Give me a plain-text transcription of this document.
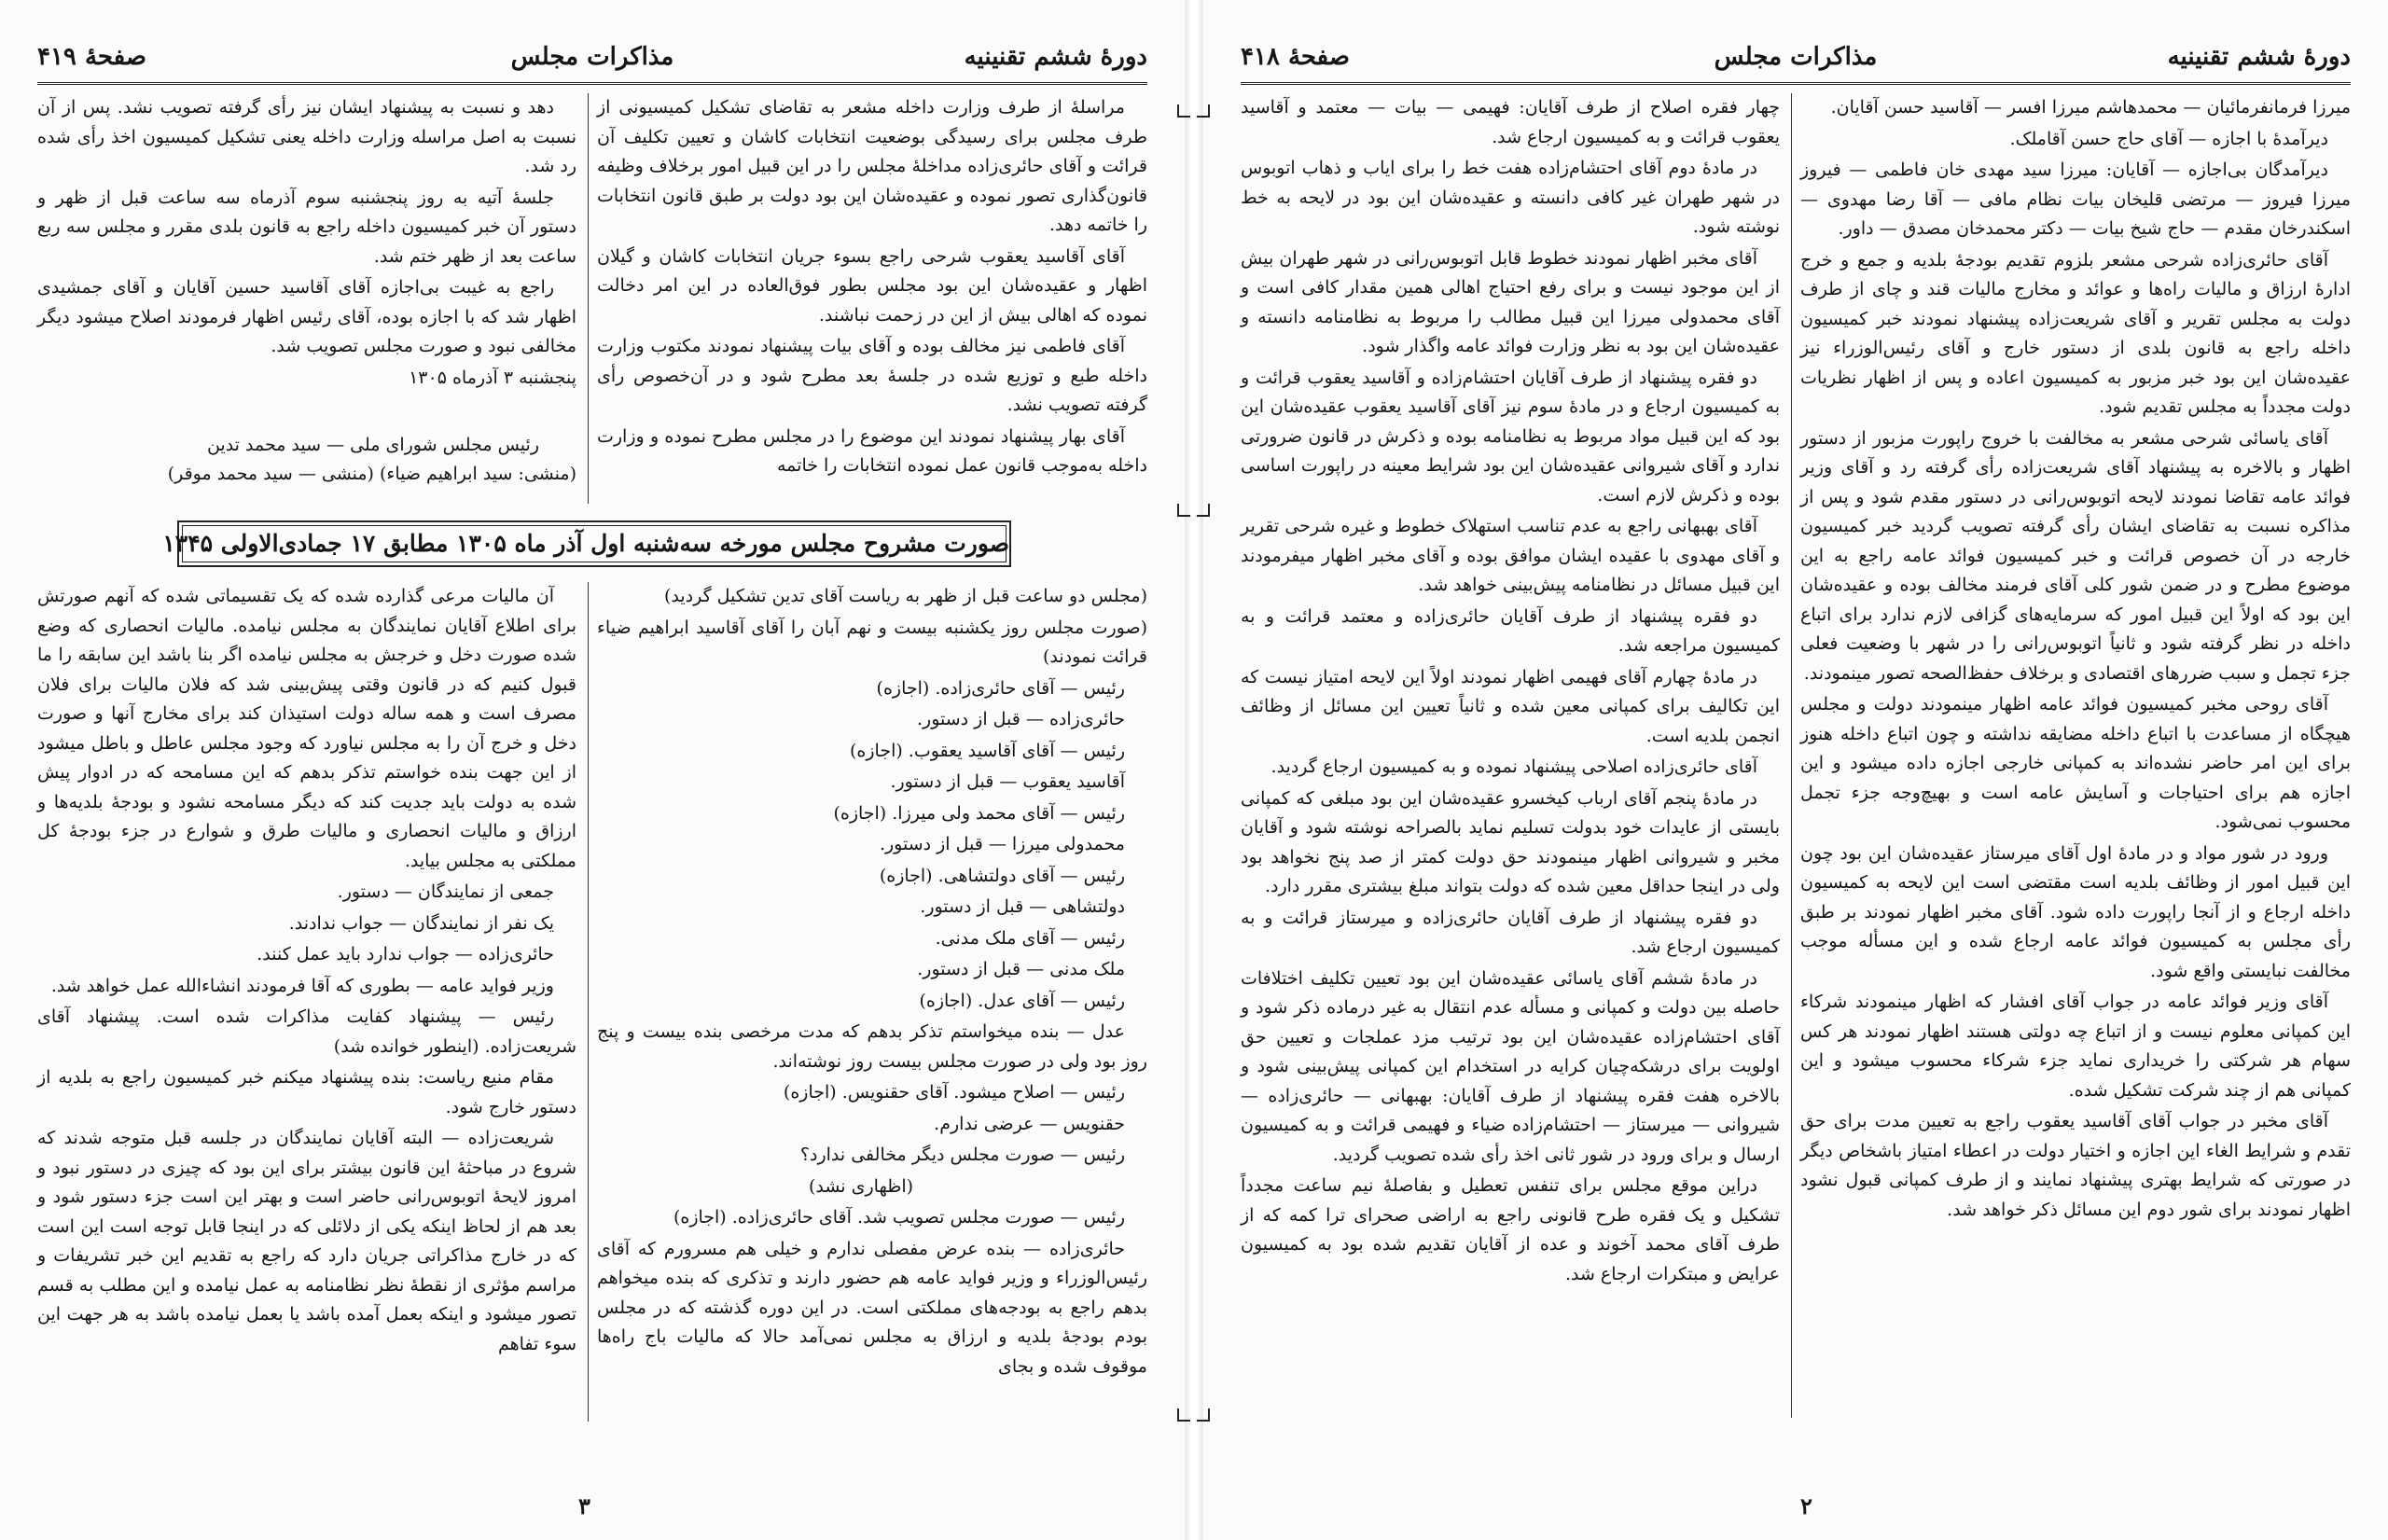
دورهٔ ششم تقنینیه
مذاکرات مجلس
صفحهٔ ۴۱۹

مراسلهٔ از طرف وزارت داخله مشعر به تقاضای تشکیل کمیسیونی از طرف مجلس برای رسیدگی بوضعیت انتخابات کاشان و تعیین تکلیف آن قرائت و آقای حائری‌زاده مداخلهٔ مجلس را در این قبیل امور برخلاف وظیفه قانون‌گذاری تصور نموده و عقیده‌شان این بود دولت بر طبق قانون انتخابات را خاتمه دهد.

آقای آقاسید یعقوب شرحی راجع بسوء جریان انتخابات کاشان و گیلان اظهار و عقیده‌شان این بود مجلس بطور فوق‌العاده در این امر دخالت نموده که اهالی بیش از این در زحمت نباشند.

آقای فاطمی نیز مخالف بوده و آقای بیات پیشنهاد نمودند مکتوب وزارت داخله طبع و توزیع شده در جلسهٔ بعد مطرح شود و در آن‌خصوص رأی گرفته تصویب نشد.

آقای بهار پیشنهاد نمودند این موضوع را در مجلس مطرح نموده و وزارت داخله به‌موجب قانون عمل نموده انتخابات را خاتمه

دهد و نسبت به پیشنهاد ایشان نیز رأی گرفته تصویب نشد. پس از آن نسبت به اصل مراسله وزارت داخله یعنی تشکیل کمیسیون اخذ رأی شده رد شد.

جلسهٔ آتیه به روز پنجشنبه سوم آذرماه سه ساعت قبل از ظهر و دستور آن خبر کمیسیون داخله راجع به قانون بلدی مقرر و مجلس سه ربع ساعت بعد از ظهر ختم شد.

راجع به غیبت بی‌اجازه آقای آقاسید حسین آقایان و آقای جمشیدی اظهار شد که با اجازه بوده، آقای رئیس اظهار فرمودند اصلاح میشود دیگر مخالفی نبود و صورت مجلس تصویب شد.

پنجشنبه ۳ آذرماه ۱۳۰۵

رئیس مجلس شورای ملی — سید محمد تدین

(منشی: سید ابراهیم ضیاء) (منشی — سید محمد موقر)

صورت مشروح مجلس مورخه سه‌شنبه اول آذر ماه ۱۳۰۵ مطابق ۱۷ جمادی‌الاولی ۱۳۴۵

(مجلس دو ساعت قبل از ظهر به ریاست آقای تدین تشکیل گردید)

(صورت مجلس روز یکشنبه بیست و نهم آبان را آقای آقاسید ابراهیم ضیاء قرائت نمودند)

رئیس — آقای حائری‌زاده. (اجازه)

حائری‌زاده — قبل از دستور.

رئیس — آقای آقاسید یعقوب. (اجازه)

آقاسید یعقوب — قبل از دستور.

رئیس — آقای محمد ولی میرزا. (اجازه)

محمدولی میرزا — قبل از دستور.

رئیس — آقای دولتشاهی. (اجازه)

دولتشاهی — قبل از دستور.

رئیس — آقای ملک مدنی.

ملک مدنی — قبل از دستور.

رئیس — آقای عدل. (اجازه)

عدل — بنده میخواستم تذکر بدهم که مدت مرخصی بنده بیست و پنج روز بود ولی در صورت مجلس بیست روز نوشته‌اند.

رئیس — اصلاح میشود. آقای حقنویس. (اجازه)

حقنویس — عرضی ندارم.

رئیس — صورت مجلس دیگر مخالفی ندارد؟

(اظهاری نشد)

رئیس — صورت مجلس تصویب شد. آقای حائری‌زاده. (اجازه)

حائری‌زاده — بنده عرض مفصلی ندارم و خیلی هم مسرورم که آقای رئیس‌الوزراء و وزیر فواید عامه هم حضور دارند و تذکری که بنده میخواهم بدهم راجع به بودجه‌های مملکتی است. در این دوره گذشته که در مجلس بودم بودجهٔ بلدیه و ارزاق به مجلس نمی‌آمد حالا که مالیات باج راه‌ها موقوف شده و بجای

آن مالیات مرعی گذارده شده که یک تقسیماتی شده که آنهم صورتش برای اطلاع آقایان نمایندگان به مجلس نیامده. مالیات انحصاری که وضع شده صورت دخل و خرجش به مجلس نیامده اگر بنا باشد این سابقه را ما قبول کنیم که در قانون وقتی پیش‌بینی شد که فلان مالیات برای فلان مصرف است و همه ساله دولت استیذان کند برای مخارج آنها و صورت دخل و خرج آن را به مجلس نیاورد که وجود مجلس عاطل و باطل میشود از این جهت بنده خواستم تذکر بدهم که این مسامحه که در ادوار پیش شده به دولت باید جدیت کند که دیگر مسامحه نشود و بودجهٔ بلدیه‌ها و ارزاق و مالیات انحصاری و مالیات طرق و شوارع در جزء بودجهٔ کل مملکتی به مجلس بیاید.

جمعی از نمایندگان — دستور.

یک نفر از نمایندگان — جواب ندادند.

حائری‌زاده — جواب ندارد باید عمل کنند.

وزیر فواید عامه — بطوری که آقا فرمودند انشاءالله عمل خواهد شد.

رئیس — پیشنهاد کفایت مذاکرات شده است. پیشنهاد آقای شریعت‌زاده. (اینطور خوانده شد)

مقام منیع ریاست: بنده پیشنهاد میکنم خبر کمیسیون راجع به بلدیه از دستور خارج شود.

شریعت‌زاده — البته آقایان نمایندگان در جلسه قبل متوجه شدند که شروع در مباحثهٔ این قانون بیشتر برای این بود که چیزی در دستور نبود و امروز لایحهٔ اتوبوس‌رانی حاضر است و بهتر این است جزء دستور شود و بعد هم از لحاظ اینکه یکی از دلائلی که در اینجا قابل توجه است این است که در خارج مذاکراتی جریان دارد که راجع به تقدیم این خبر تشریفات و مراسم مؤثری از نقطهٔ نظر نظامنامه به عمل نیامده و این مطلب به قسم تصور میشود و اینکه بعمل آمده باشد یا بعمل نیامده باشد به هر جهت این سوء تفاهم

۳
دورهٔ ششم تقنینیه
مذاکرات مجلس
صفحهٔ ۴۱۸

میرزا فرمانفرمائیان — محمدهاشم میرزا افسر — آقاسید حسن آقایان.

دیرآمدهٔ با اجازه — آقای حاج حسن آقاملک.

دیرآمدگان بی‌اجازه — آقایان: میرزا سید مهدی خان فاطمی — فیروز میرزا فیروز — مرتضی قلیخان بیات نظام مافی — آقا رضا مهدوی — اسکندرخان مقدم — حاج شیخ بیات — دکتر محمدخان مصدق — داور.

آقای حائری‌زاده شرحی مشعر بلزوم تقدیم بودجهٔ بلدیه و جمع و خرج ادارهٔ ارزاق و مالیات راه‌ها و عوائد و مخارج مالیات قند و چای از طرف دولت به مجلس تقریر و آقای شریعت‌زاده پیشنهاد نمودند خبر کمیسیون داخله راجع به قانون بلدی از دستور خارج و آقای رئیس‌الوزراء نیز عقیده‌شان این بود خبر مزبور به کمیسیون اعاده و پس از اظهار نظریات دولت مجدداً به مجلس تقدیم شود.

آقای یاسائی شرحی مشعر به مخالفت با خروج راپورت مزبور از دستور اظهار و بالاخره به پیشنهاد آقای شریعت‌زاده رأی گرفته رد و آقای وزیر فوائد عامه تقاضا نمودند لایحه اتوبوس‌رانی در دستور مقدم شود و پس از مذاکره نسبت به تقاضای ایشان رأی گرفته تصویب گردید خبر کمیسیون خارجه در آن خصوص قرائت و خبر کمیسیون فوائد عامه راجع به این موضوع مطرح و در ضمن شور کلی آقای فرمند مخالف بوده و عقیده‌شان این بود که اولاً این قبیل امور که سرمایه‌های گزافی لازم ندارد برای اتباع داخله در نظر گرفته شود و ثانیاً اتوبوس‌رانی را در شهر با وضعیت فعلی جزء تجمل و سبب ضررهای اقتصادی و برخلاف حفظ‌الصحه تصور مینمودند.

آقای روحی مخبر کمیسیون فوائد عامه اظهار مینمودند دولت و مجلس هیچگاه از مساعدت با اتباع داخله مضایقه نداشته و چون اتباع داخله هنوز برای این امر حاضر نشده‌اند به کمپانی خارجی اجازه داده میشود و این اجازه هم برای احتیاجات و آسایش عامه است و بهیچ‌وجه جزء تجمل محسوب نمی‌شود.

ورود در شور مواد و در مادهٔ اول آقای میرستاز عقیده‌شان این بود چون این قبیل امور از وظائف بلدیه است مقتضی است این لایحه به کمیسیون داخله ارجاع و از آنجا راپورت داده شود. آقای مخبر اظهار نمودند بر طبق رأی مجلس به کمیسیون فوائد عامه ارجاع شده و این مسأله موجب مخالفت نبایستی واقع شود.

آقای وزیر فوائد عامه در جواب آقای افشار که اظهار مینمودند شرکاء این کمپانی معلوم نیست و از اتباع چه دولتی هستند اظهار نمودند هر کس سهام هر شرکتی را خریداری نماید جزء شرکاء محسوب میشود و این کمپانی هم از چند شرکت تشکیل شده.

آقای مخبر در جواب آقای آقاسید یعقوب راجع به تعیین مدت برای حق تقدم و شرایط الغاء این اجازه و اختیار دولت در اعطاء امتیاز باشخاص دیگر در صورتی که شرایط بهتری پیشنهاد نمایند و از طرف کمپانی قبول نشود اظهار نمودند برای شور دوم این مسائل ذکر خواهد شد.

چهار فقره اصلاح از طرف آقایان: فهیمی — بیات — معتمد و آقاسید یعقوب قرائت و به کمیسیون ارجاع شد.

در مادهٔ دوم آقای احتشام‌زاده هفت خط را برای ایاب و ذهاب اتوبوس در شهر طهران غیر کافی دانسته و عقیده‌شان این بود در لایحه به خط نوشته شود.

آقای مخبر اظهار نمودند خطوط قابل اتوبوس‌رانی در شهر طهران بیش از این موجود نیست و برای رفع احتیاج اهالی همین مقدار کافی است و آقای محمدولی میرزا این قبیل مطالب را مربوط به نظامنامه دانسته و عقیده‌شان این بود به نظر وزارت فوائد عامه واگذار شود.

دو فقره پیشنهاد از طرف آقایان احتشام‌زاده و آقاسید یعقوب قرائت و به کمیسیون ارجاع و در مادهٔ سوم نیز آقای آقاسید یعقوب عقیده‌شان این بود که این قبیل مواد مربوط به نظامنامه بوده و ذکرش در قانون ضرورتی ندارد و آقای شیروانی عقیده‌شان این بود شرایط معینه در راپورت اساسی بوده و ذکرش لازم است.

آقای بهبهانی راجع به عدم تناسب استهلاک خطوط و غیره شرحی تقریر و آقای مهدوی با عقیده ایشان موافق بوده و آقای مخبر اظهار میفرمودند این قبیل مسائل در نظامنامه پیش‌بینی خواهد شد.

دو فقره پیشنهاد از طرف آقایان حائری‌زاده و معتمد قرائت و به کمیسیون مراجعه شد.

در مادهٔ چهارم آقای فهیمی اظهار نمودند اولاً این لایحه امتیاز نیست که این تکالیف برای کمپانی معین شده و ثانیاً تعیین این مسائل از وظائف انجمن بلدیه است.

آقای حائری‌زاده اصلاحی پیشنهاد نموده و به کمیسیون ارجاع گردید.

در مادهٔ پنجم آقای ارباب کیخسرو عقیده‌شان این بود مبلغی که کمپانی بایستی از عایدات خود بدولت تسلیم نماید بالصراحه نوشته شود و آقایان مخبر و شیروانی اظهار مینمودند حق دولت کمتر از صد پنج نخواهد بود ولی در اینجا حداقل معین شده که دولت بتواند مبلغ بیشتری مقرر دارد.

دو فقره پیشنهاد از طرف آقایان حائری‌زاده و میرستاز قرائت و به کمیسیون ارجاع شد.

در مادهٔ ششم آقای یاسائی عقیده‌شان این بود تعیین تکلیف اختلافات حاصله بین دولت و کمپانی و مسأله عدم انتقال به غیر درماده ذکر شود و آقای احتشام‌زاده عقیده‌شان این بود ترتیب مزد عملجات و تعیین حق اولویت برای درشکه‌چیان کرایه در استخدام این کمپانی پیش‌بینی شود و بالاخره هفت فقره پیشنهاد از طرف آقایان: بهبهانی — حائری‌زاده — شیروانی — میرستاز — احتشام‌زاده ضیاء و فهیمی قرائت و به کمیسیون ارسال و برای ورود در شور ثانی اخذ رأی شده تصویب گردید.

دراین موقع مجلس برای تنفس تعطیل و بفاصلهٔ نیم ساعت مجدداً تشکیل و یک فقره طرح قانونی راجع به اراضی صحرای ترا کمه که از طرف آقای محمد آخوند و عده از آقایان تقدیم شده بود به کمیسیون عرایض و مبتکرات ارجاع شد.

۲
